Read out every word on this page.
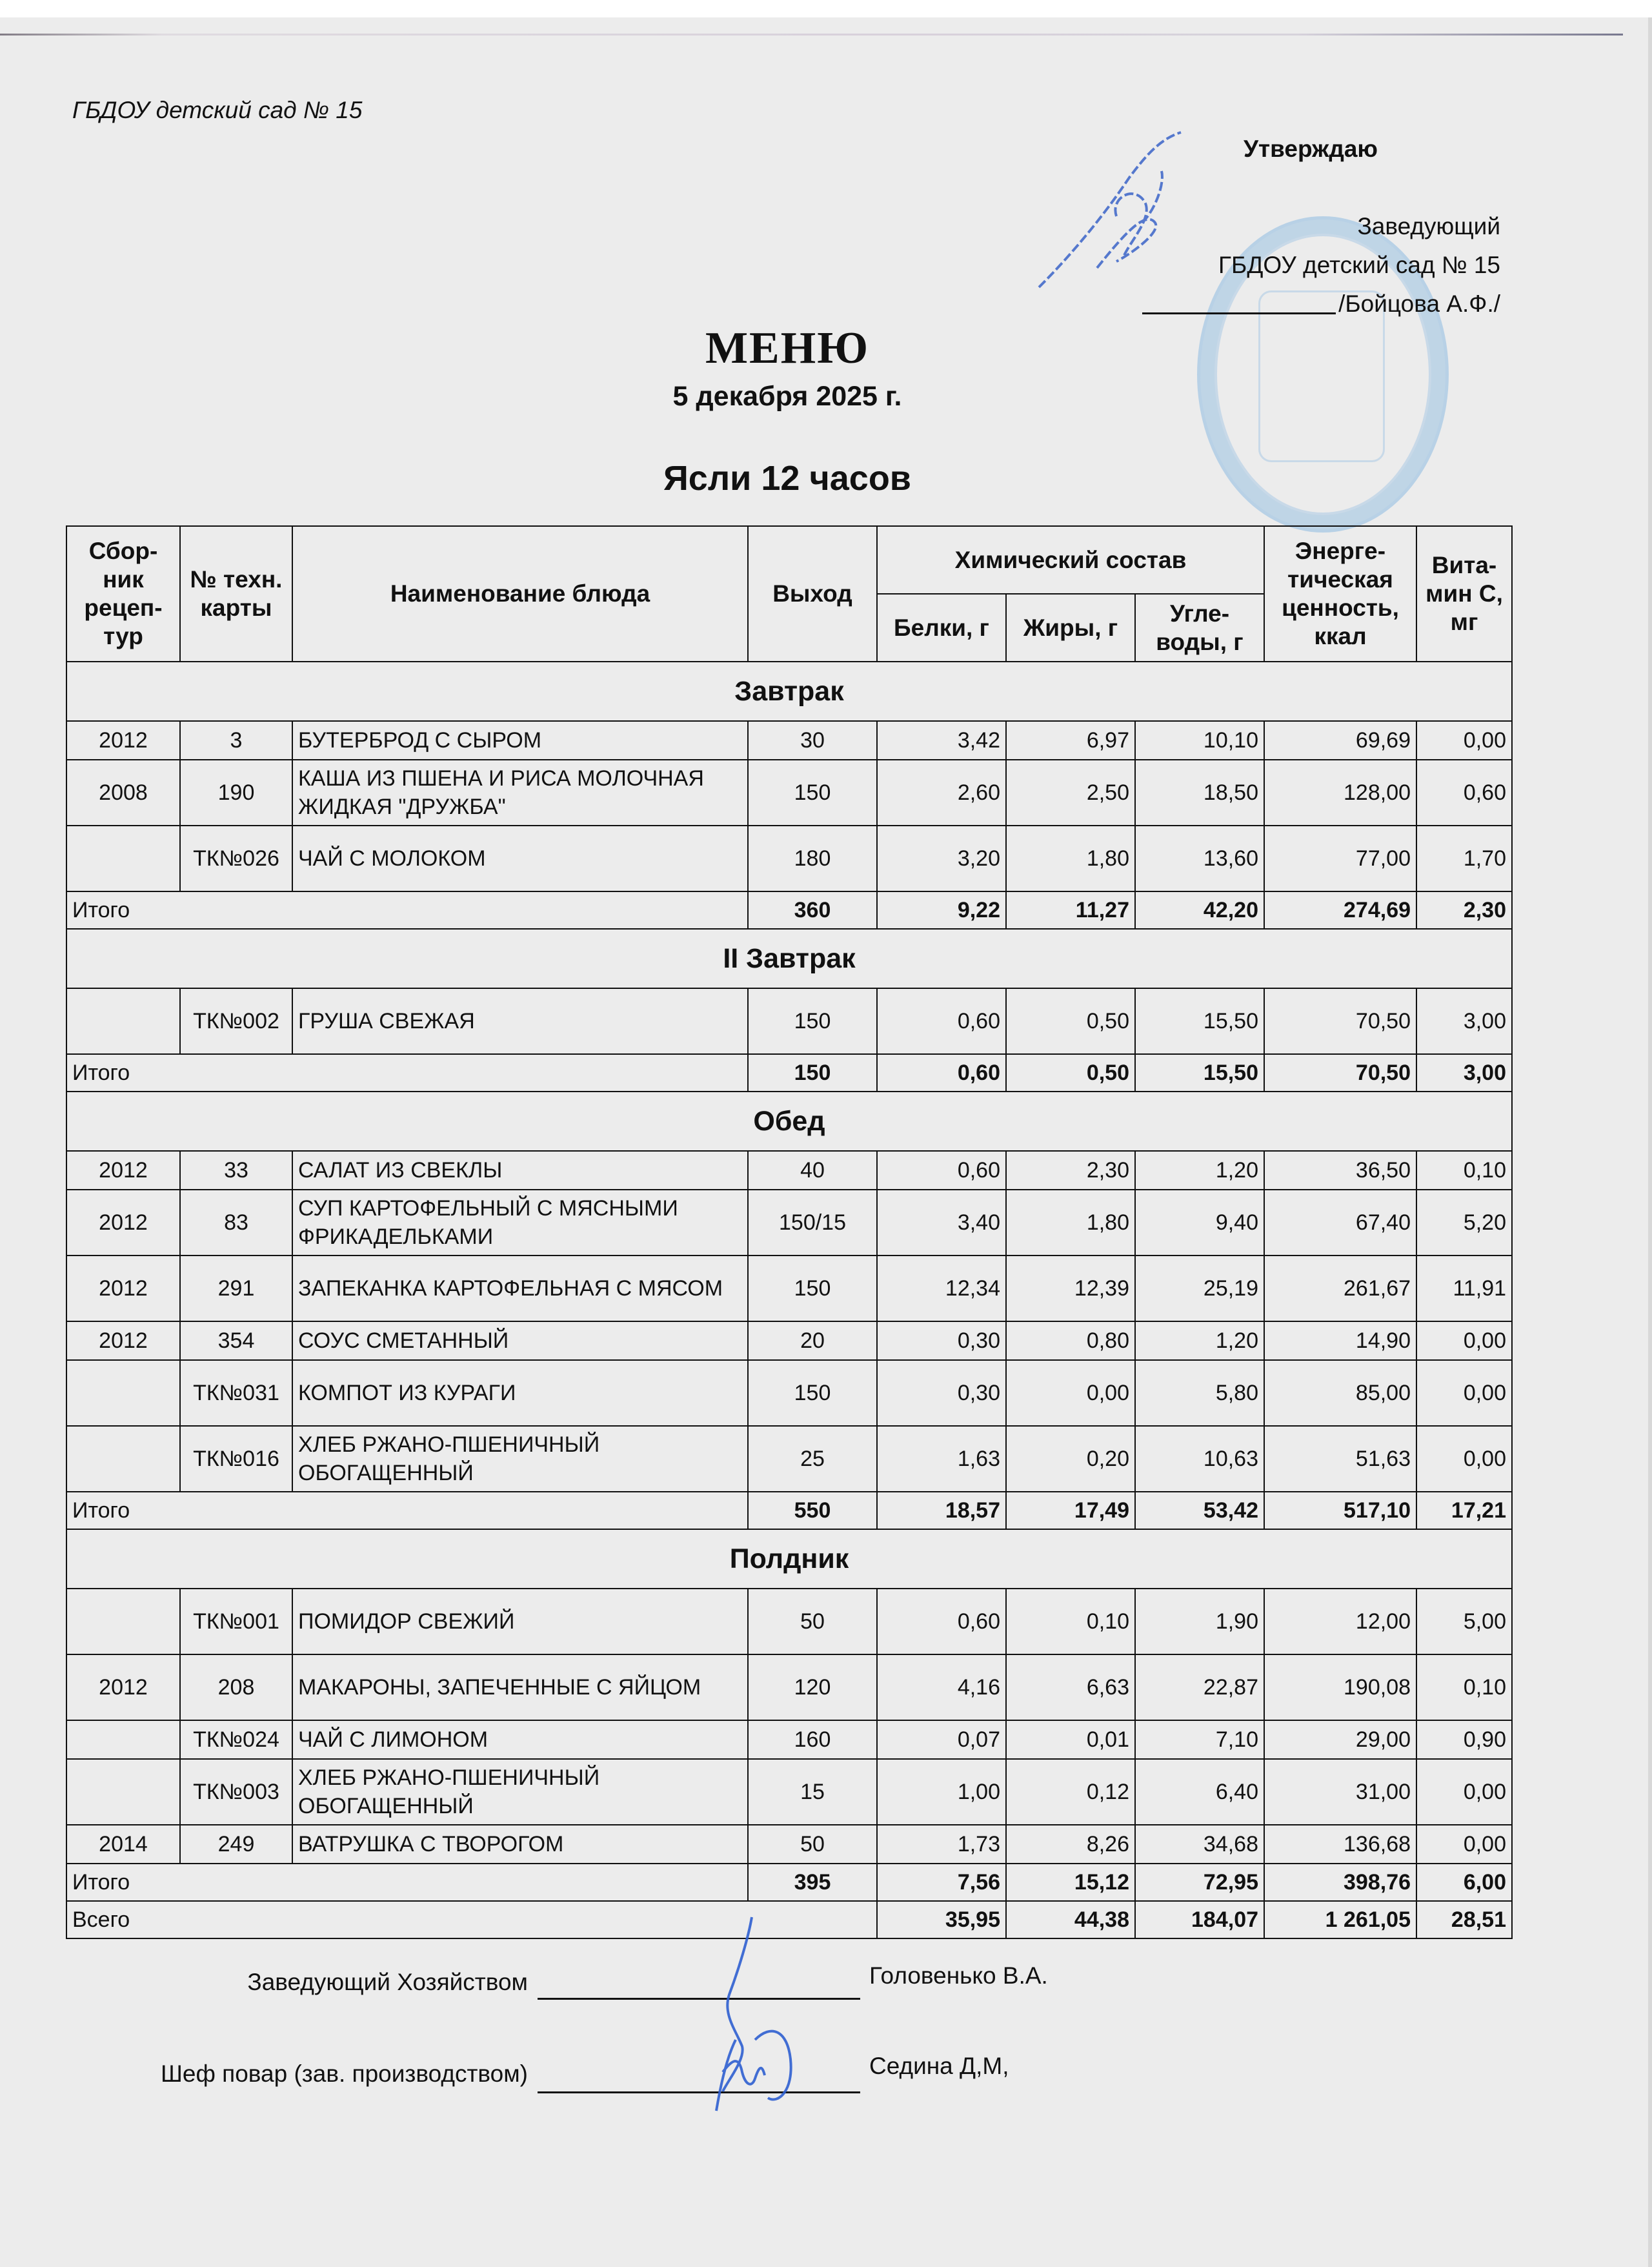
ГБДОУ детский сад № 15
Утверждаю
Заведующий
ГБДОУ детский сад № 15
/Бойцова А.Ф./
МЕНЮ
5 декабря 2025 г.
Ясли 12 часов
Сбор-ник рецеп-тур	№ техн. карты	Наименование блюда	Выход	Химический состав			Энерге-тическая ценность, ккал	Вита-мин С, мг
				Белки, г	Жиры, г	Угле-воды, г		
Завтрак								
2012	3	БУТЕРБРОД С СЫРОМ	30	3,42	6,97	10,10	69,69	0,00
2008	190	КАША ИЗ ПШЕНА И РИСА МОЛОЧНАЯ ЖИДКАЯ "ДРУЖБА"	150	2,60	2,50	18,50	128,00	0,60
	ТК№026	ЧАЙ С МОЛОКОМ	180	3,20	1,80	13,60	77,00	1,70
Итого			360	9,22	11,27	42,20	274,69	2,30
II Завтрак								
	ТК№002	ГРУША СВЕЖАЯ	150	0,60	0,50	15,50	70,50	3,00
Итого			150	0,60	0,50	15,50	70,50	3,00
Обед								
2012	33	САЛАТ ИЗ СВЕКЛЫ	40	0,60	2,30	1,20	36,50	0,10
2012	83	СУП КАРТОФЕЛЬНЫЙ С МЯСНЫМИ ФРИКАДЕЛЬКАМИ	150/15	3,40	1,80	9,40	67,40	5,20
2012	291	ЗАПЕКАНКА КАРТОФЕЛЬНАЯ С МЯСОМ	150	12,34	12,39	25,19	261,67	11,91
2012	354	СОУС СМЕТАННЫЙ	20	0,30	0,80	1,20	14,90	0,00
	ТК№031	КОМПОТ ИЗ КУРАГИ	150	0,30	0,00	5,80	85,00	0,00
	ТК№016	ХЛЕБ РЖАНО-ПШЕНИЧНЫЙ ОБОГАЩЕННЫЙ	25	1,63	0,20	10,63	51,63	0,00
Итого			550	18,57	17,49	53,42	517,10	17,21
Полдник								
	ТК№001	ПОМИДОР СВЕЖИЙ	50	0,60	0,10	1,90	12,00	5,00
2012	208	МАКАРОНЫ, ЗАПЕЧЕННЫЕ С ЯЙЦОМ	120	4,16	6,63	22,87	190,08	0,10
	ТК№024	ЧАЙ С ЛИМОНОМ	160	0,07	0,01	7,10	29,00	0,90
	ТК№003	ХЛЕБ РЖАНО-ПШЕНИЧНЫЙ ОБОГАЩЕННЫЙ	15	1,00	0,12	6,40	31,00	0,00
2014	249	ВАТРУШКА С ТВОРОГОМ	50	1,73	8,26	34,68	136,68	0,00
Итого			395	7,56	15,12	72,95	398,76	6,00
Всего				35,95	44,38	184,07	1 261,05	28,51
Заведующий Хозяйством	Головенько В.А.
Шеф повар (зав. производством)	Седина Д,М,
